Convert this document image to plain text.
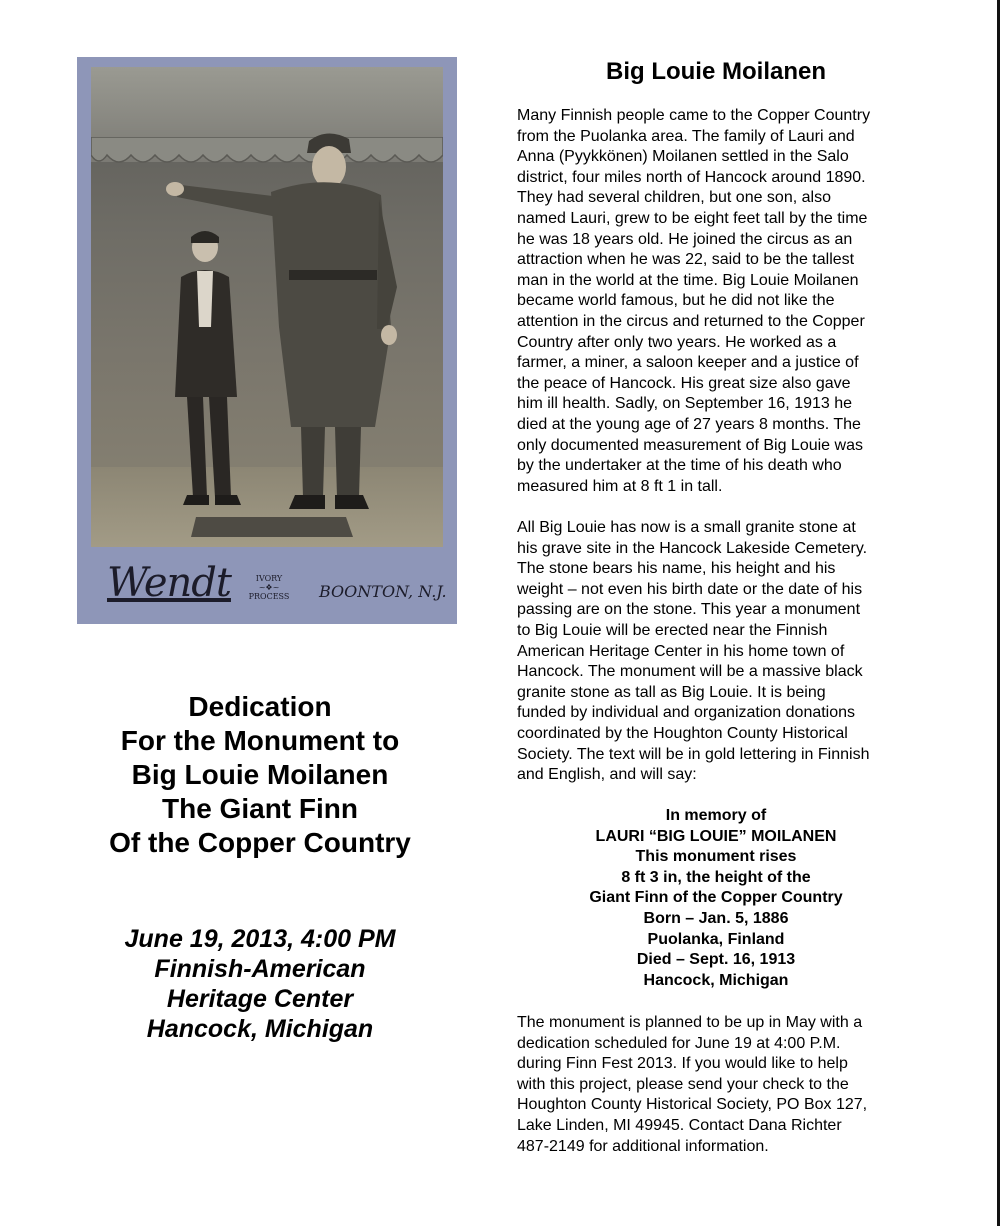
Wendt	IVORY
~❖~
PROCESS	BOONTON, N.J.
Dedication
For the Monument to
Big Louie Moilanen
The Giant Finn
Of the Copper Country
June 19, 2013, 4:00 PM
Finnish-American
Heritage Center
Hancock, Michigan
Big Louie Moilanen
Many Finnish people came to the Copper Country
from the Puolanka area. The family of Lauri and
Anna (Pyykkönen) Moilanen settled in the Salo
district, four miles north of Hancock around 1890.
They had several children, but one son, also
named Lauri, grew to be eight feet tall by the time
he was 18 years old. He joined the circus as an
attraction when he was 22, said to be the tallest
man in the world at the time. Big Louie Moilanen
became world famous, but he did not like the
attention in the circus and returned to the Copper
Country after only two years. He worked as a
farmer, a miner, a saloon keeper and a justice of
the peace of Hancock. His great size also gave
him ill health. Sadly, on September 16, 1913 he
died at the young age of 27 years 8 months. The
only documented measurement of Big Louie was
by the undertaker at the time of his death who
measured him at 8 ft 1 in tall.
All Big Louie has now is a small granite stone at
his grave site in the Hancock Lakeside Cemetery.
The stone bears his name, his height and his
weight – not even his birth date or the date of his
passing are on the stone. This year a monument
to Big Louie will be erected near the Finnish
American Heritage Center in his home town of
Hancock. The monument will be a massive black
granite stone as tall as Big Louie. It is being
funded by individual and organization donations
coordinated by the Houghton County Historical
Society. The text will be in gold lettering in Finnish
and English, and will say:
In memory of
LAURI “BIG LOUIE” MOILANEN
This monument rises
8 ft 3 in, the height of the
Giant Finn of the Copper Country
Born – Jan. 5, 1886
Puolanka, Finland
Died – Sept. 16, 1913
Hancock, Michigan
The monument is planned to be up in May with a
dedication scheduled for June 19 at 4:00 P.M.
during Finn Fest 2013. If you would like to help
with this project, please send your check to the
Houghton County Historical Society, PO Box 127,
Lake Linden, MI 49945. Contact Dana Richter
487-2149 for additional information.
